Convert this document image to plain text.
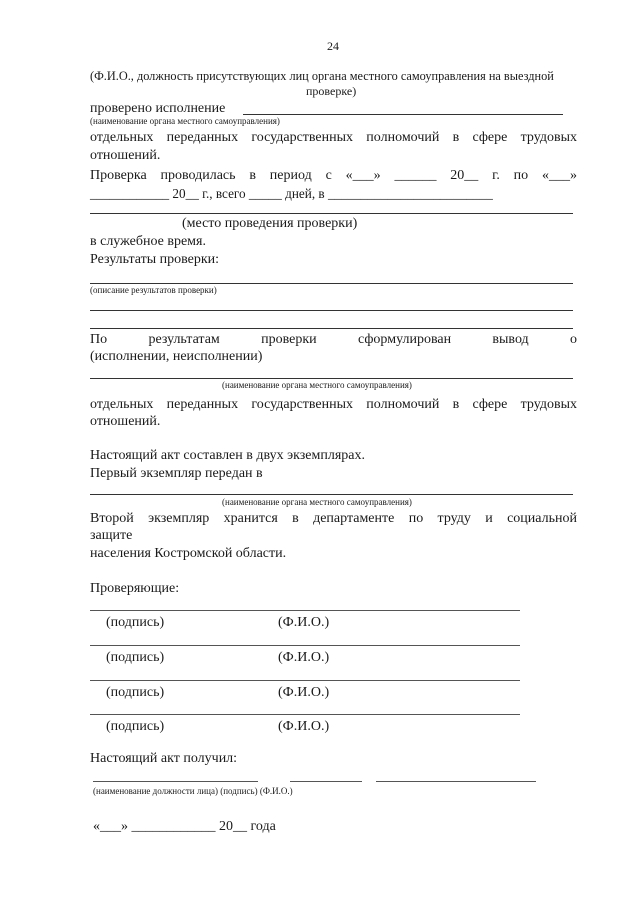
24
(Ф.И.О., должность присутствующих лиц органа местного самоуправления на выездной
проверке)
проверено исполнение
(наименование органа местного самоуправления)
отдельных переданных государственных полномочий в сфере трудовых
отношений.
Проверка проводилась в период с «___» ______ 20__ г. по «___»
____________ 20__ г., всего _____ дней, в _________________________
(место проведения проверки)
в служебное время.
Результаты проверки:
(описание результатов проверки)
По результатам проверки сформулирован вывод о
(исполнении, неисполнении)
(наименование органа местного самоуправления)
отдельных переданных государственных полномочий в сфере трудовых
отношений.
Настоящий акт составлен в двух экземплярах.
Первый экземпляр передан в
(наименование органа местного самоуправления)
Второй экземпляр хранится в департаменте по труду и социальной
защите
населения Костромской области.
Проверяющие:
(подпись)	(Ф.И.О.)
(подпись)	(Ф.И.О.)
(подпись)	(Ф.И.О.)
(подпись)	(Ф.И.О.)
Настоящий акт получил:
(наименование должности лица) (подпись) (Ф.И.О.)
«___» ____________ 20__ года
